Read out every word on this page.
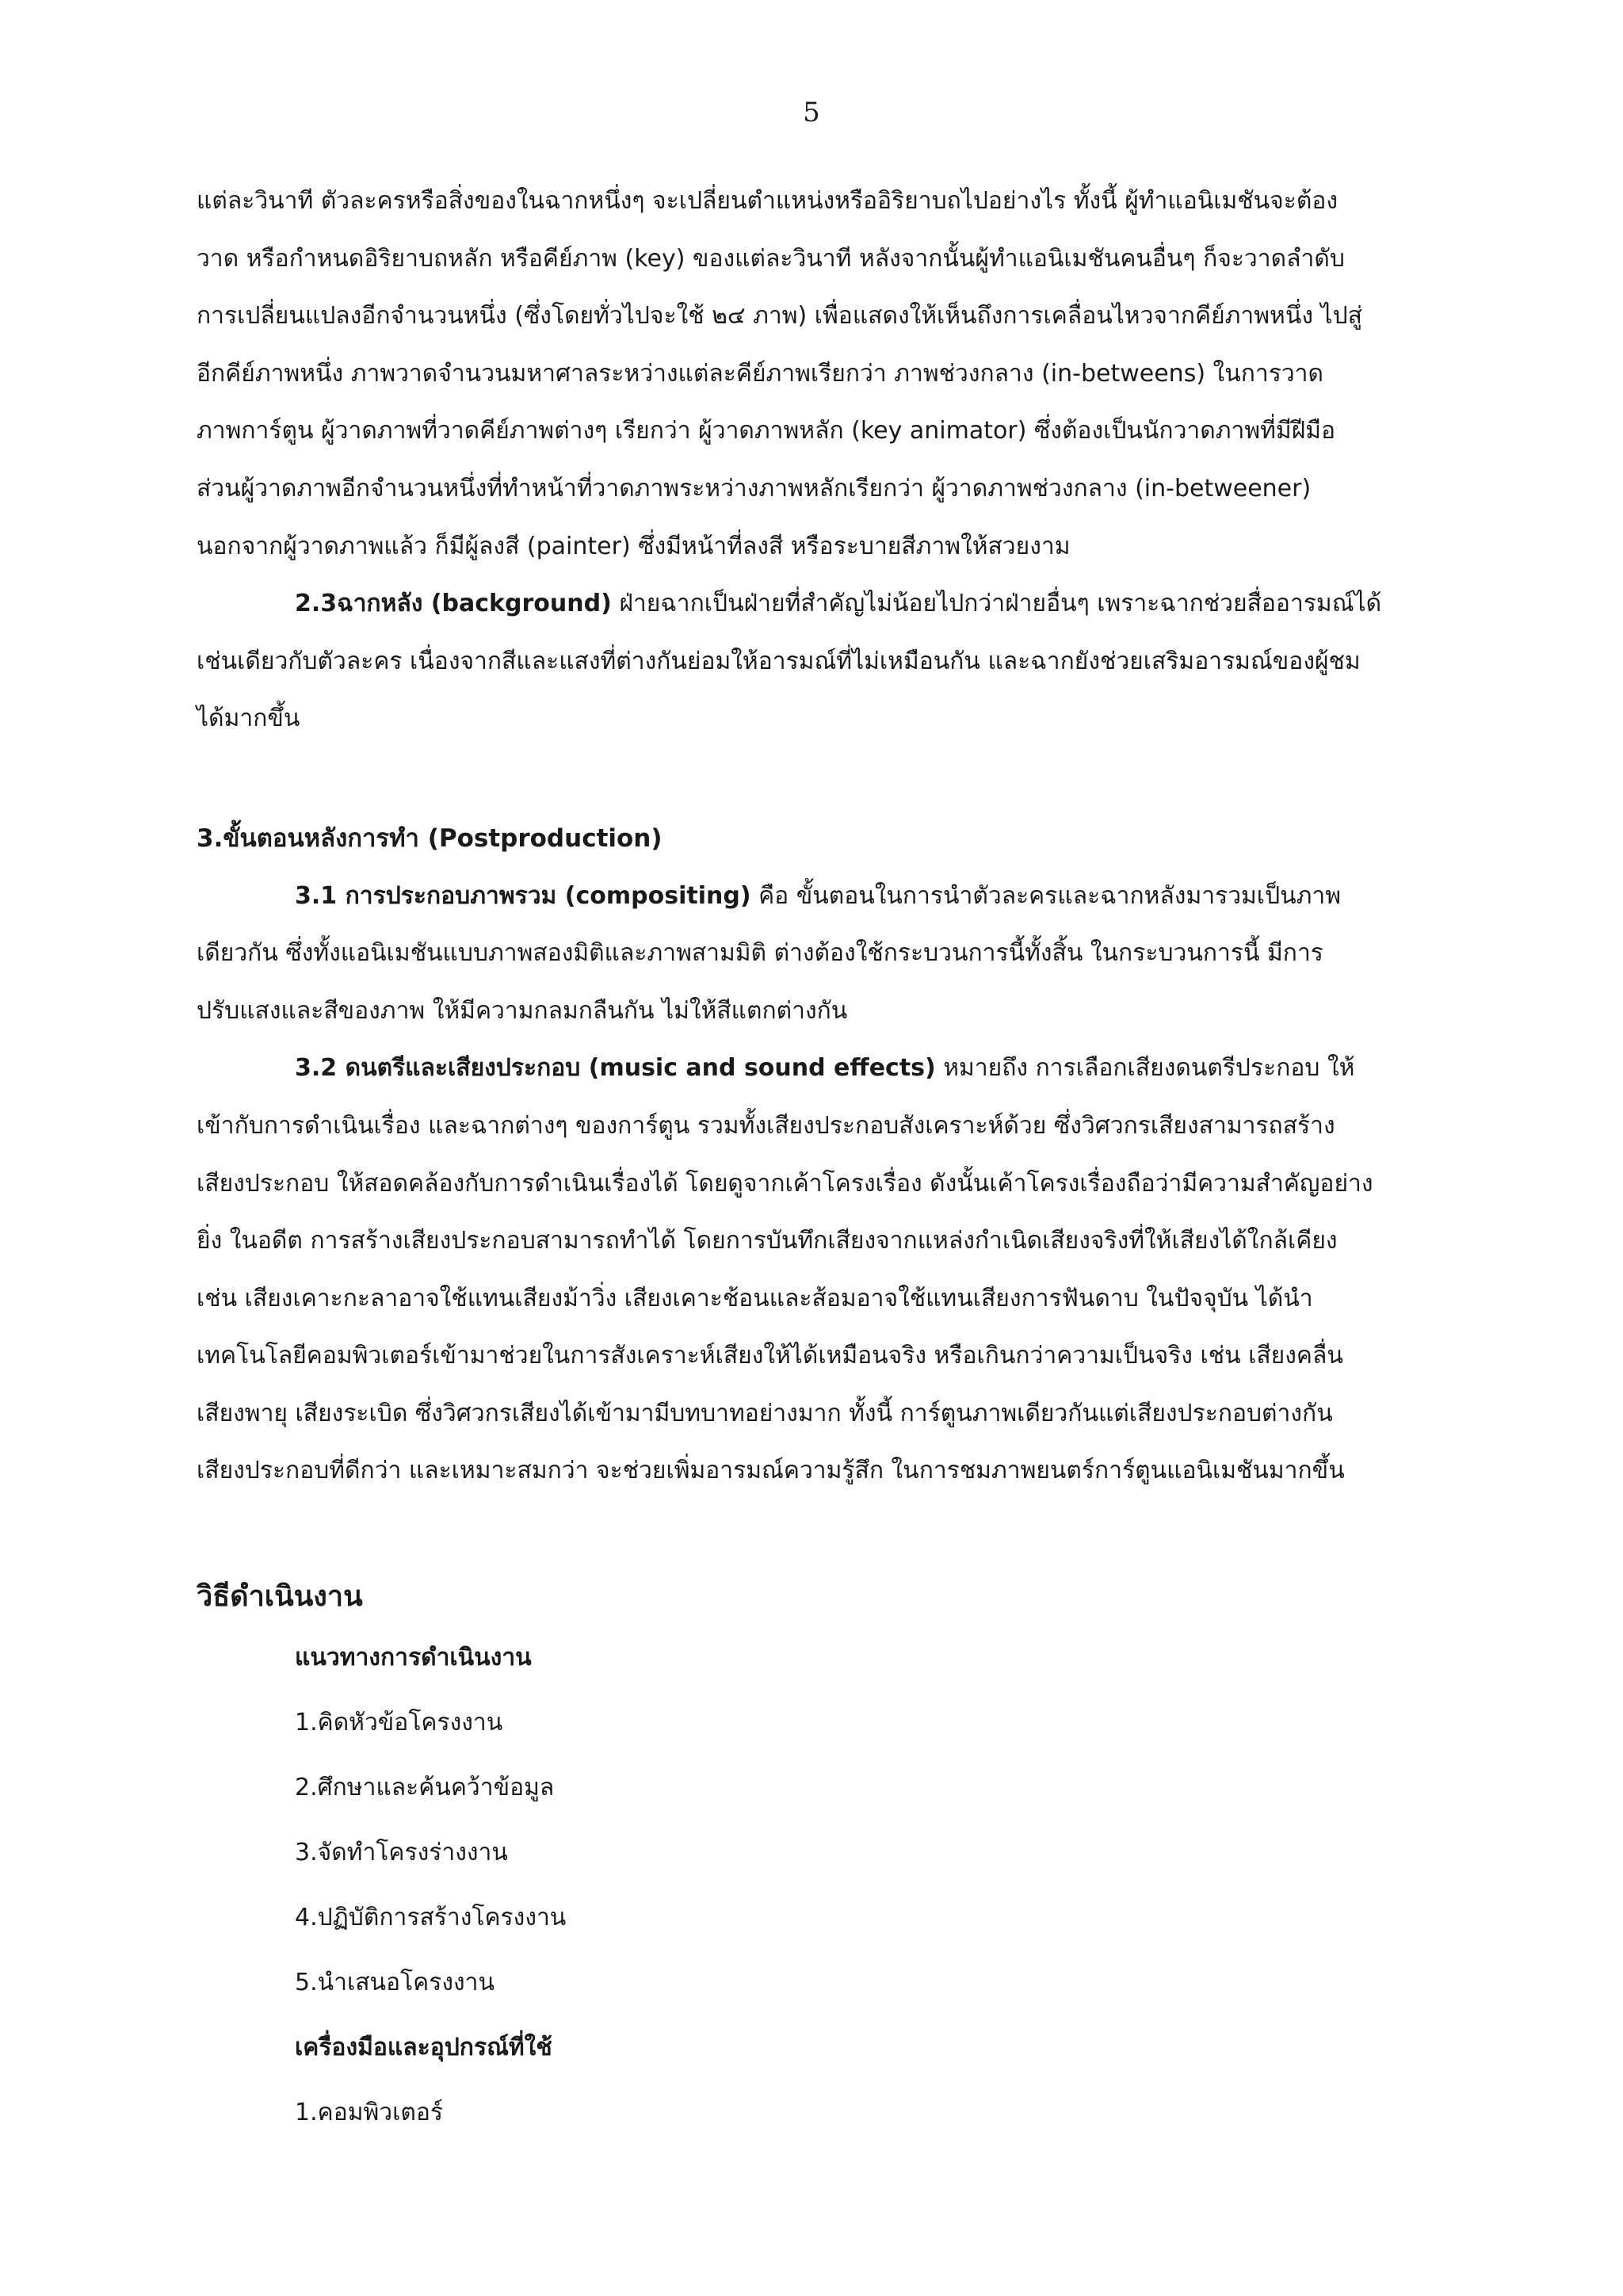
5

แต่ละวินาที ตัวละครหรือสิ่งของในฉากหนึ่งๆ จะเปลี่ยนตำแหน่งหรืออิริยาบถไปอย่างไร ทั้งนี้ ผู้ทำแอนิเมชันจะต้อง
วาด หรือกำหนดอิริยาบถหลัก หรือคีย์ภาพ (key) ของแต่ละวินาที หลังจากนั้นผู้ทำแอนิเมชันคนอื่นๆ ก็จะวาดลำดับ
การเปลี่ยนแปลงอีกจำนวนหนึ่ง (ซึ่งโดยทั่วไปจะใช้ ๒๔ ภาพ) เพื่อแสดงให้เห็นถึงการเคลื่อนไหวจากคีย์ภาพหนึ่ง ไปสู่
อีกคีย์ภาพหนึ่ง ภาพวาดจำนวนมหาศาลระหว่างแต่ละคีย์ภาพเรียกว่า ภาพช่วงกลาง (in-betweens) ในการวาด
ภาพการ์ตูน ผู้วาดภาพที่วาดคีย์ภาพต่างๆ เรียกว่า ผู้วาดภาพหลัก (key animator) ซึ่งต้องเป็นนักวาดภาพที่มีฝีมือ
ส่วนผู้วาดภาพอีกจำนวนหนึ่งที่ทำหน้าที่วาดภาพระหว่างภาพหลักเรียกว่า ผู้วาดภาพช่วงกลาง (in-betweener)
นอกจากผู้วาดภาพแล้ว ก็มีผู้ลงสี (painter) ซึ่งมีหน้าที่ลงสี หรือระบายสีภาพให้สวยงาม

2.3ฉากหลัง (background) ฝ่ายฉากเป็นฝ่ายที่สำคัญไม่น้อยไปกว่าฝ่ายอื่นๆ เพราะฉากช่วยสื่ออารมณ์ได้
เช่นเดียวกับตัวละคร เนื่องจากสีและแสงที่ต่างกันย่อมให้อารมณ์ที่ไม่เหมือนกัน และฉากยังช่วยเสริมอารมณ์ของผู้ชม
ได้มากขึ้น

3.ขั้นตอนหลังการทำ (Postproduction)

3.1 การประกอบภาพรวม (compositing) คือ ขั้นตอนในการนำตัวละครและฉากหลังมารวมเป็นภาพ
เดียวกัน ซึ่งทั้งแอนิเมชันแบบภาพสองมิติและภาพสามมิติ ต่างต้องใช้กระบวนการนี้ทั้งสิ้น ในกระบวนการนี้ มีการ
ปรับแสงและสีของภาพ ให้มีความกลมกลืนกัน ไม่ให้สีแตกต่างกัน

3.2 ดนตรีและเสียงประกอบ (music and sound effects) หมายถึง การเลือกเสียงดนตรีประกอบ ให้
เข้ากับการดำเนินเรื่อง และฉากต่างๆ ของการ์ตูน รวมทั้งเสียงประกอบสังเคราะห์ด้วย ซึ่งวิศวกรเสียงสามารถสร้าง
เสียงประกอบ ให้สอดคล้องกับการดำเนินเรื่องได้ โดยดูจากเค้าโครงเรื่อง ดังนั้นเค้าโครงเรื่องถือว่ามีความสำคัญอย่าง
ยิ่ง ในอดีต การสร้างเสียงประกอบสามารถทำได้ โดยการบันทึกเสียงจากแหล่งกำเนิดเสียงจริงที่ให้เสียงได้ใกล้เคียง
เช่น เสียงเคาะกะลาอาจใช้แทนเสียงม้าวิ่ง เสียงเคาะช้อนและส้อมอาจใช้แทนเสียงการฟันดาบ ในปัจจุบัน ได้นำ
เทคโนโลยีคอมพิวเตอร์เข้ามาช่วยในการสังเคราะห์เสียงให้ได้เหมือนจริง หรือเกินกว่าความเป็นจริง เช่น เสียงคลื่น
เสียงพายุ เสียงระเบิด ซึ่งวิศวกรเสียงได้เข้ามามีบทบาทอย่างมาก ทั้งนี้ การ์ตูนภาพเดียวกันแต่เสียงประกอบต่างกัน
เสียงประกอบที่ดีกว่า และเหมาะสมกว่า จะช่วยเพิ่มอารมณ์ความรู้สึก ในการชมภาพยนตร์การ์ตูนแอนิเมชันมากขึ้น

วิธีดำเนินงาน

แนวทางการดำเนินงาน

1.คิดหัวข้อโครงงาน

2.ศึกษาและค้นคว้าข้อมูล

3.จัดทำโครงร่างงาน

4.ปฏิบัติการสร้างโครงงาน

5.นำเสนอโครงงาน

เครื่องมือและอุปกรณ์ที่ใช้

1.คอมพิวเตอร์
